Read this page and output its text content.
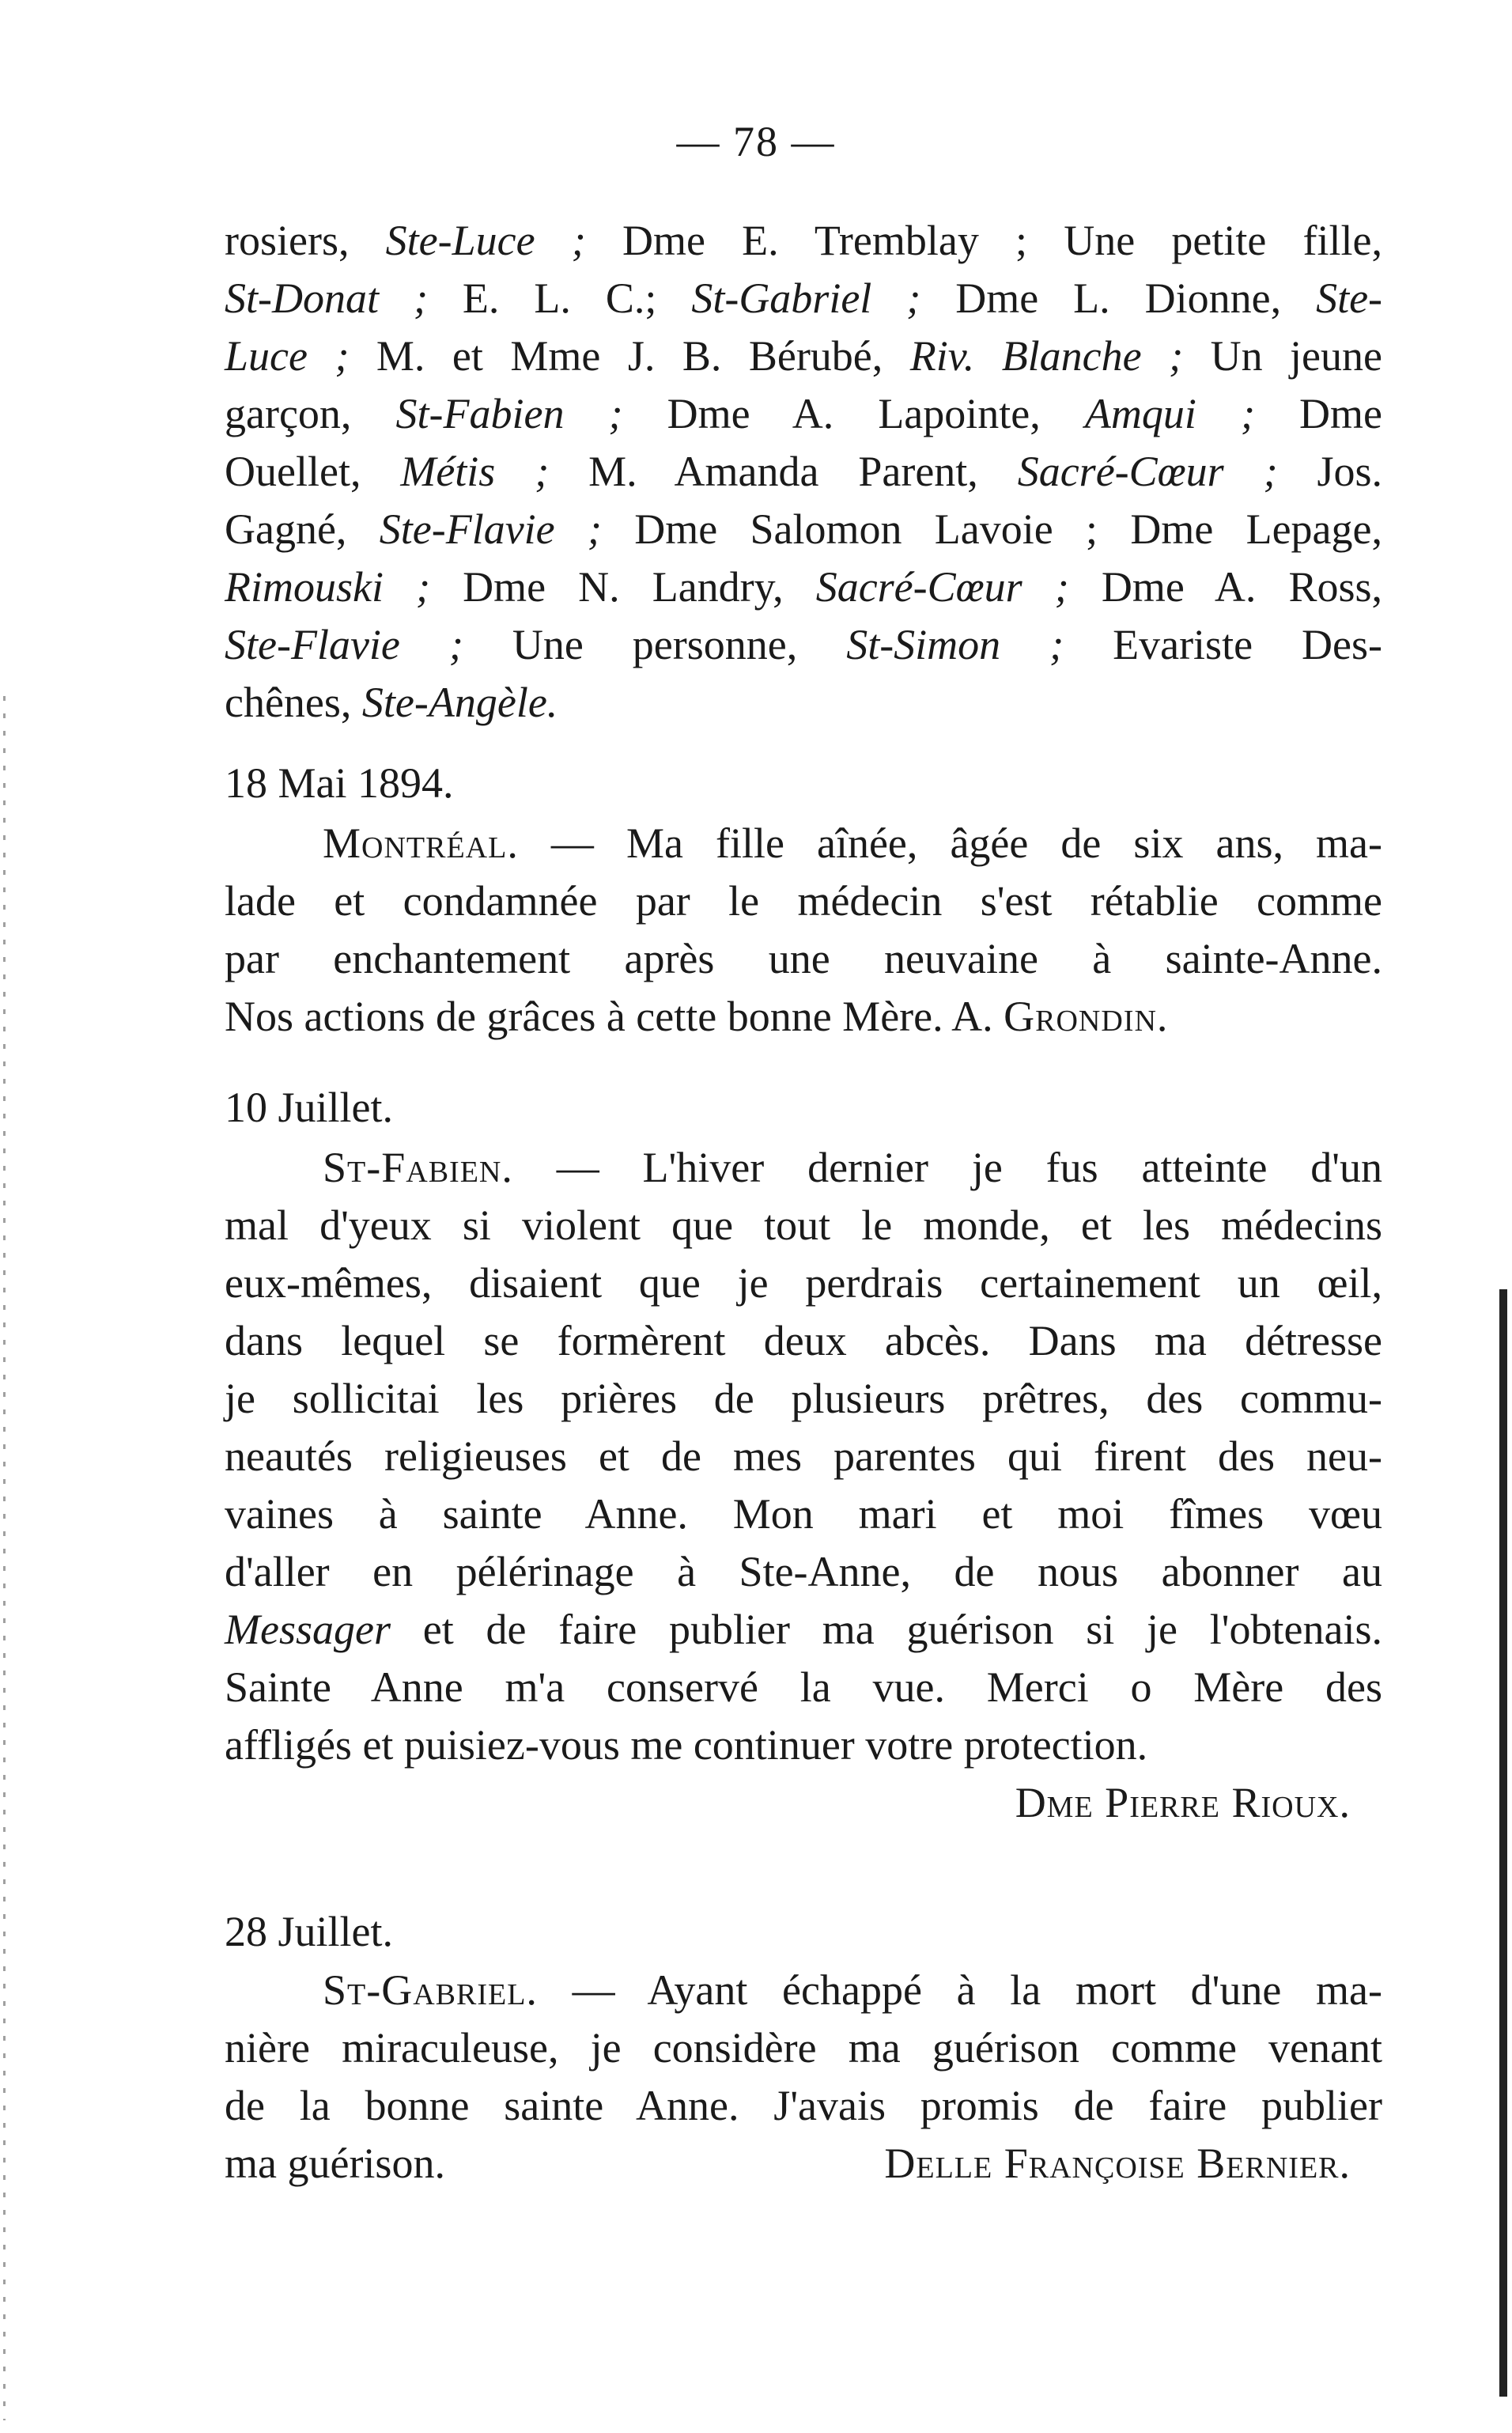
— 78 —
rosiers, Ste-Luce ; Dme E. Tremblay ; Une petite fille,
St-Donat ; E. L. C.; St-Gabriel ; Dme L. Dionne, Ste-
Luce ; M. et Mme J. B. Bérubé, Riv. Blanche ; Un jeune
garçon, St-Fabien ; Dme A. Lapointe, Amqui ; Dme
Ouellet, Métis ; M. Amanda Parent, Sacré-Cœur ; Jos.
Gagné, Ste-Flavie ; Dme Salomon Lavoie ; Dme Lepage,
Rimouski ; Dme N. Landry, Sacré-Cœur ; Dme A. Ross,
Ste-Flavie ; Une personne, St-Simon ; Evariste Des-
chênes, Ste-Angèle.
18 Mai 1894.
Montréal. — Ma fille aînée, âgée de six ans, ma-
lade et condamnée par le médecin s'est rétablie comme
par enchantement après une neuvaine à sainte-Anne.
Nos actions de grâces à cette bonne Mère. A. Grondin.
10 Juillet.
St-Fabien. — L'hiver dernier je fus atteinte d'un
mal d'yeux si violent que tout le monde, et les médecins
eux-mêmes, disaient que je perdrais certainement un œil,
dans lequel se formèrent deux abcès. Dans ma détresse
je sollicitai les prières de plusieurs prêtres, des commu-
neautés religieuses et de mes parentes qui firent des neu-
vaines à sainte Anne. Mon mari et moi fîmes vœu
d'aller en pélérinage à Ste-Anne, de nous abonner au
Messager et de faire publier ma guérison si je l'obtenais.
Sainte Anne m'a conservé la vue. Merci o Mère des
affligés et puisiez-vous me continuer votre protection.
Dme Pierre Rioux.
28 Juillet.
St-Gabriel. — Ayant échappé à la mort d'une ma-
nière miraculeuse, je considère ma guérison comme venant
de la bonne sainte Anne. J'avais promis de faire publier
ma guérison.	Delle Françoise Bernier.
